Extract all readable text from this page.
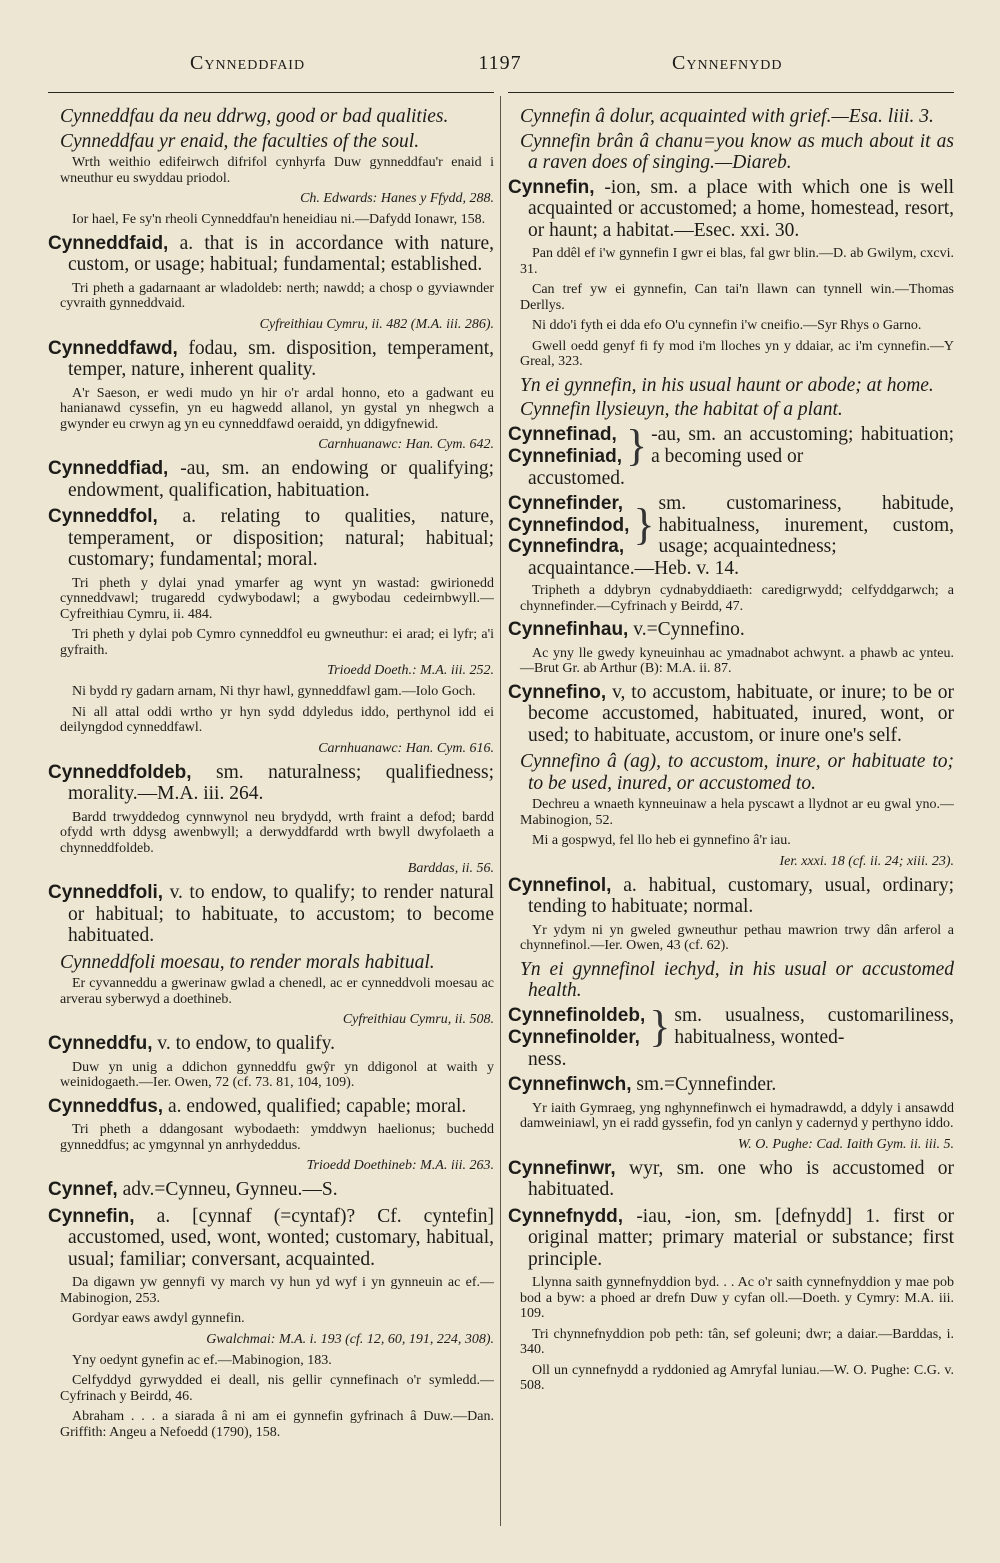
Cynneddfaid	1197	Cynnefnydd
Cynneddfau da neu ddrwg, good or bad qualities.
Cynneddfau yr enaid, the faculties of the soul.
Wrth weithio edifeirwch difrifol cynhyrfa Duw gynneddfau'r enaid i wneuthur eu swyddau priodol.
Ch. Edwards: Hanes y Ffydd, 288.
Ior hael, Fe sy'n rheoli Cynneddfau'n heneidiau ni.—Dafydd Ionawr, 158.
Cynneddfaid, a. that is in accordance with nature, custom, or usage; habitual; fundamental; established.
Tri pheth a gadarnaant ar wladoldeb: nerth; nawdd; a chosp o gyviawnder cyvraith gynneddvaid.
Cyfreithiau Cymru, ii. 482 (M.A. iii. 286).
Cynneddfawd, fodau, sm. disposition, temperament, temper, nature, inherent quality.
A'r Saeson, er wedi mudo yn hir o'r ardal honno, eto a gadwant eu hanianawd cyssefin, yn eu hagwedd allanol, yn gystal yn nhegwch a gwynder eu crwyn ag yn eu cynneddfawd oeraidd, yn ddigyfnewid.
Carnhuanawc: Han. Cym. 642.
Cynneddfiad, -au, sm. an endowing or qualifying; endowment, qualification, habituation.
Cynneddfol, a. relating to qualities, nature, temperament, or disposition; natural; habitual; customary; fundamental; moral.
Tri pheth y dylai ynad ymarfer ag wynt yn wastad: gwirionedd cynneddvawl; trugaredd cydwybodawl; a gwybodau cedeirnbwyll.—Cyfreithiau Cymru, ii. 484.
Tri pheth y dylai pob Cymro cynneddfol eu gwneuthur: ei arad; ei lyfr; a'i gyfraith.
Trioedd Doeth.: M.A. iii. 252.
Ni bydd ry gadarn arnam, Ni thyr hawl, gynneddfawl gam.—Iolo Goch.
Ni all attal oddi wrtho yr hyn sydd ddyledus iddo, perthynol idd ei deilyngdod cynneddfawl.
Carnhuanawc: Han. Cym. 616.
Cynneddfoldeb, sm. naturalness; qualifiedness; morality.—M.A. iii. 264.
Bardd trwyddedog cynnwynol neu brydydd, wrth fraint a defod; bardd ofydd wrth ddysg awenbwyll; a derwyddfardd wrth bwyll dwyfolaeth a chynneddfoldeb.
Barddas, ii. 56.
Cynneddfoli, v. to endow, to qualify; to render natural or habitual; to habituate, to accustom; to become habituated.
Cynneddfoli moesau, to render morals habitual.
Er cyvanneddu a gwerinaw gwlad a chenedl, ac er cynneddvoli moesau ac arverau syberwyd a doethineb.
Cyfreithiau Cymru, ii. 508.
Cynneddfu, v. to endow, to qualify.
Duw yn unig a ddichon gynneddfu gwŷr yn ddigonol at waith y weinidogaeth.—Ier. Owen, 72 (cf. 73. 81, 104, 109).
Cynneddfus, a. endowed, qualified; capable; moral.
Tri pheth a ddangosant wybodaeth: ymddwyn haelionus; buchedd gynneddfus; ac ymgynnal yn anrhydeddus.
Trioedd Doethineb: M.A. iii. 263.
Cynnef, adv.=Cynneu, Gynneu.—S.
Cynnefin, a. [cynnaf (=cyntaf)? Cf. cyntefin] accustomed, used, wont, wonted; customary, habitual, usual; familiar; conversant, acquainted.
Da digawn yw gennyfi vy march vy hun yd wyf i yn gynneuin ac ef.—Mabinogion, 253.
Gordyar eaws awdyl gynnefin.
Gwalchmai: M.A. i. 193 (cf. 12, 60, 191, 224, 308).
Yny oedynt gynefin ac ef.—Mabinogion, 183.
Celfyddyd gyrwydded ei deall, nis gellir cynnefinach o'r symledd.—Cyfrinach y Beirdd, 46.
Abraham . . . a siarada â ni am ei gynnefin gyfrinach â Duw.—Dan. Griffith: Angeu a Nefoedd (1790), 158.
Cynnefin â dolur, acquainted with grief.—Esa. liii. 3.
Cynnefin brân â chanu=you know as much about it as a raven does of singing.—Diareb.
Cynnefin, -ion, sm. a place with which one is well acquainted or accustomed; a home, homestead, resort, or haunt; a habitat.—Esec. xxi. 30.
Pan ddêl ef i'w gynnefin I gwr ei blas, fal gwr blin.—D. ab Gwilym, cxcvi. 31.
Can tref yw ei gynnefin, Can tai'n llawn can tynnell win.—Thomas Derllys.
Ni ddo'i fyth ei dda efo O'u cynnefin i'w cneifio.—Syr Rhys o Garno.
Gwell oedd genyf fi fy mod i'm lloches yn y ddaiar, ac i'm cynnefin.—Y Greal, 323.
Yn ei gynnefin, in his usual haunt or abode; at home.
Cynnefin llysieuyn, the habitat of a plant.
Cynnefinad,
Cynnefiniad, } -au, sm. an accustoming; habituation; a becoming used or
accustomed.
Cynnefinder,
Cynnefindod,
Cynnefindra, } sm. customariness, habitude, habitualness, inurement, custom, usage; acquaintedness;
acquaintance.—Heb. v. 14.
Tripheth a ddybryn cydnabyddiaeth: caredigrwydd; celfyddgarwch; a chynnefinder.—Cyfrinach y Beirdd, 47.
Cynnefinhau, v.=Cynnefino.
Ac yny lle gwedy kyneuinhau ac ymadnabot achwynt. a phawb ac ynteu.—Brut Gr. ab Arthur (B): M.A. ii. 87.
Cynnefino, v, to accustom, habituate, or inure; to be or become accustomed, habituated, inured, wont, or used; to habituate, accustom, or inure one's self.
Cynnefino â (ag), to accustom, inure, or habituate to; to be used, inured, or accustomed to.
Dechreu a wnaeth kynneuinaw a hela pyscawt a llydnot ar eu gwal yno.—Mabinogion, 52.
Mi a gospwyd, fel llo heb ei gynnefino â'r iau.
Ier. xxxi. 18 (cf. ii. 24; xiii. 23).
Cynnefinol, a. habitual, customary, usual, ordinary; tending to habituate; normal.
Yr ydym ni yn gweled gwneuthur pethau mawrion trwy dân arferol a chynnefinol.—Ier. Owen, 43 (cf. 62).
Yn ei gynnefinol iechyd, in his usual or accustomed health.
Cynnefinoldeb,
Cynnefinolder, } sm. usualness, customariliness, habitualness, wonted-
ness.
Cynnefinwch, sm.=Cynnefinder.
Yr iaith Gymraeg, yng nghynnefinwch ei hymadrawdd, a ddyly i ansawdd damweiniawl, yn ei radd gyssefin, fod yn canlyn y cadernyd y perthyno iddo.
W. O. Pughe: Cad. Iaith Gym. ii. iii. 5.
Cynnefinwr, wyr, sm. one who is accustomed or habituated.
Cynnefnydd, -iau, -ion, sm. [defnydd] 1. first or original matter; primary material or substance; first principle.
Llynna saith gynnefnyddion byd. . . Ac o'r saith cynnefnyddion y mae pob bod a byw: a phoed ar drefn Duw y cyfan oll.—Doeth. y Cymry: M.A. iii. 109.
Tri chynnefnyddion pob peth: tân, sef goleuni; dwr; a daiar.—Barddas, i. 340.
Oll un cynnefnydd a ryddonied ag Amryfal luniau.—W. O. Pughe: C.G. v. 508.
